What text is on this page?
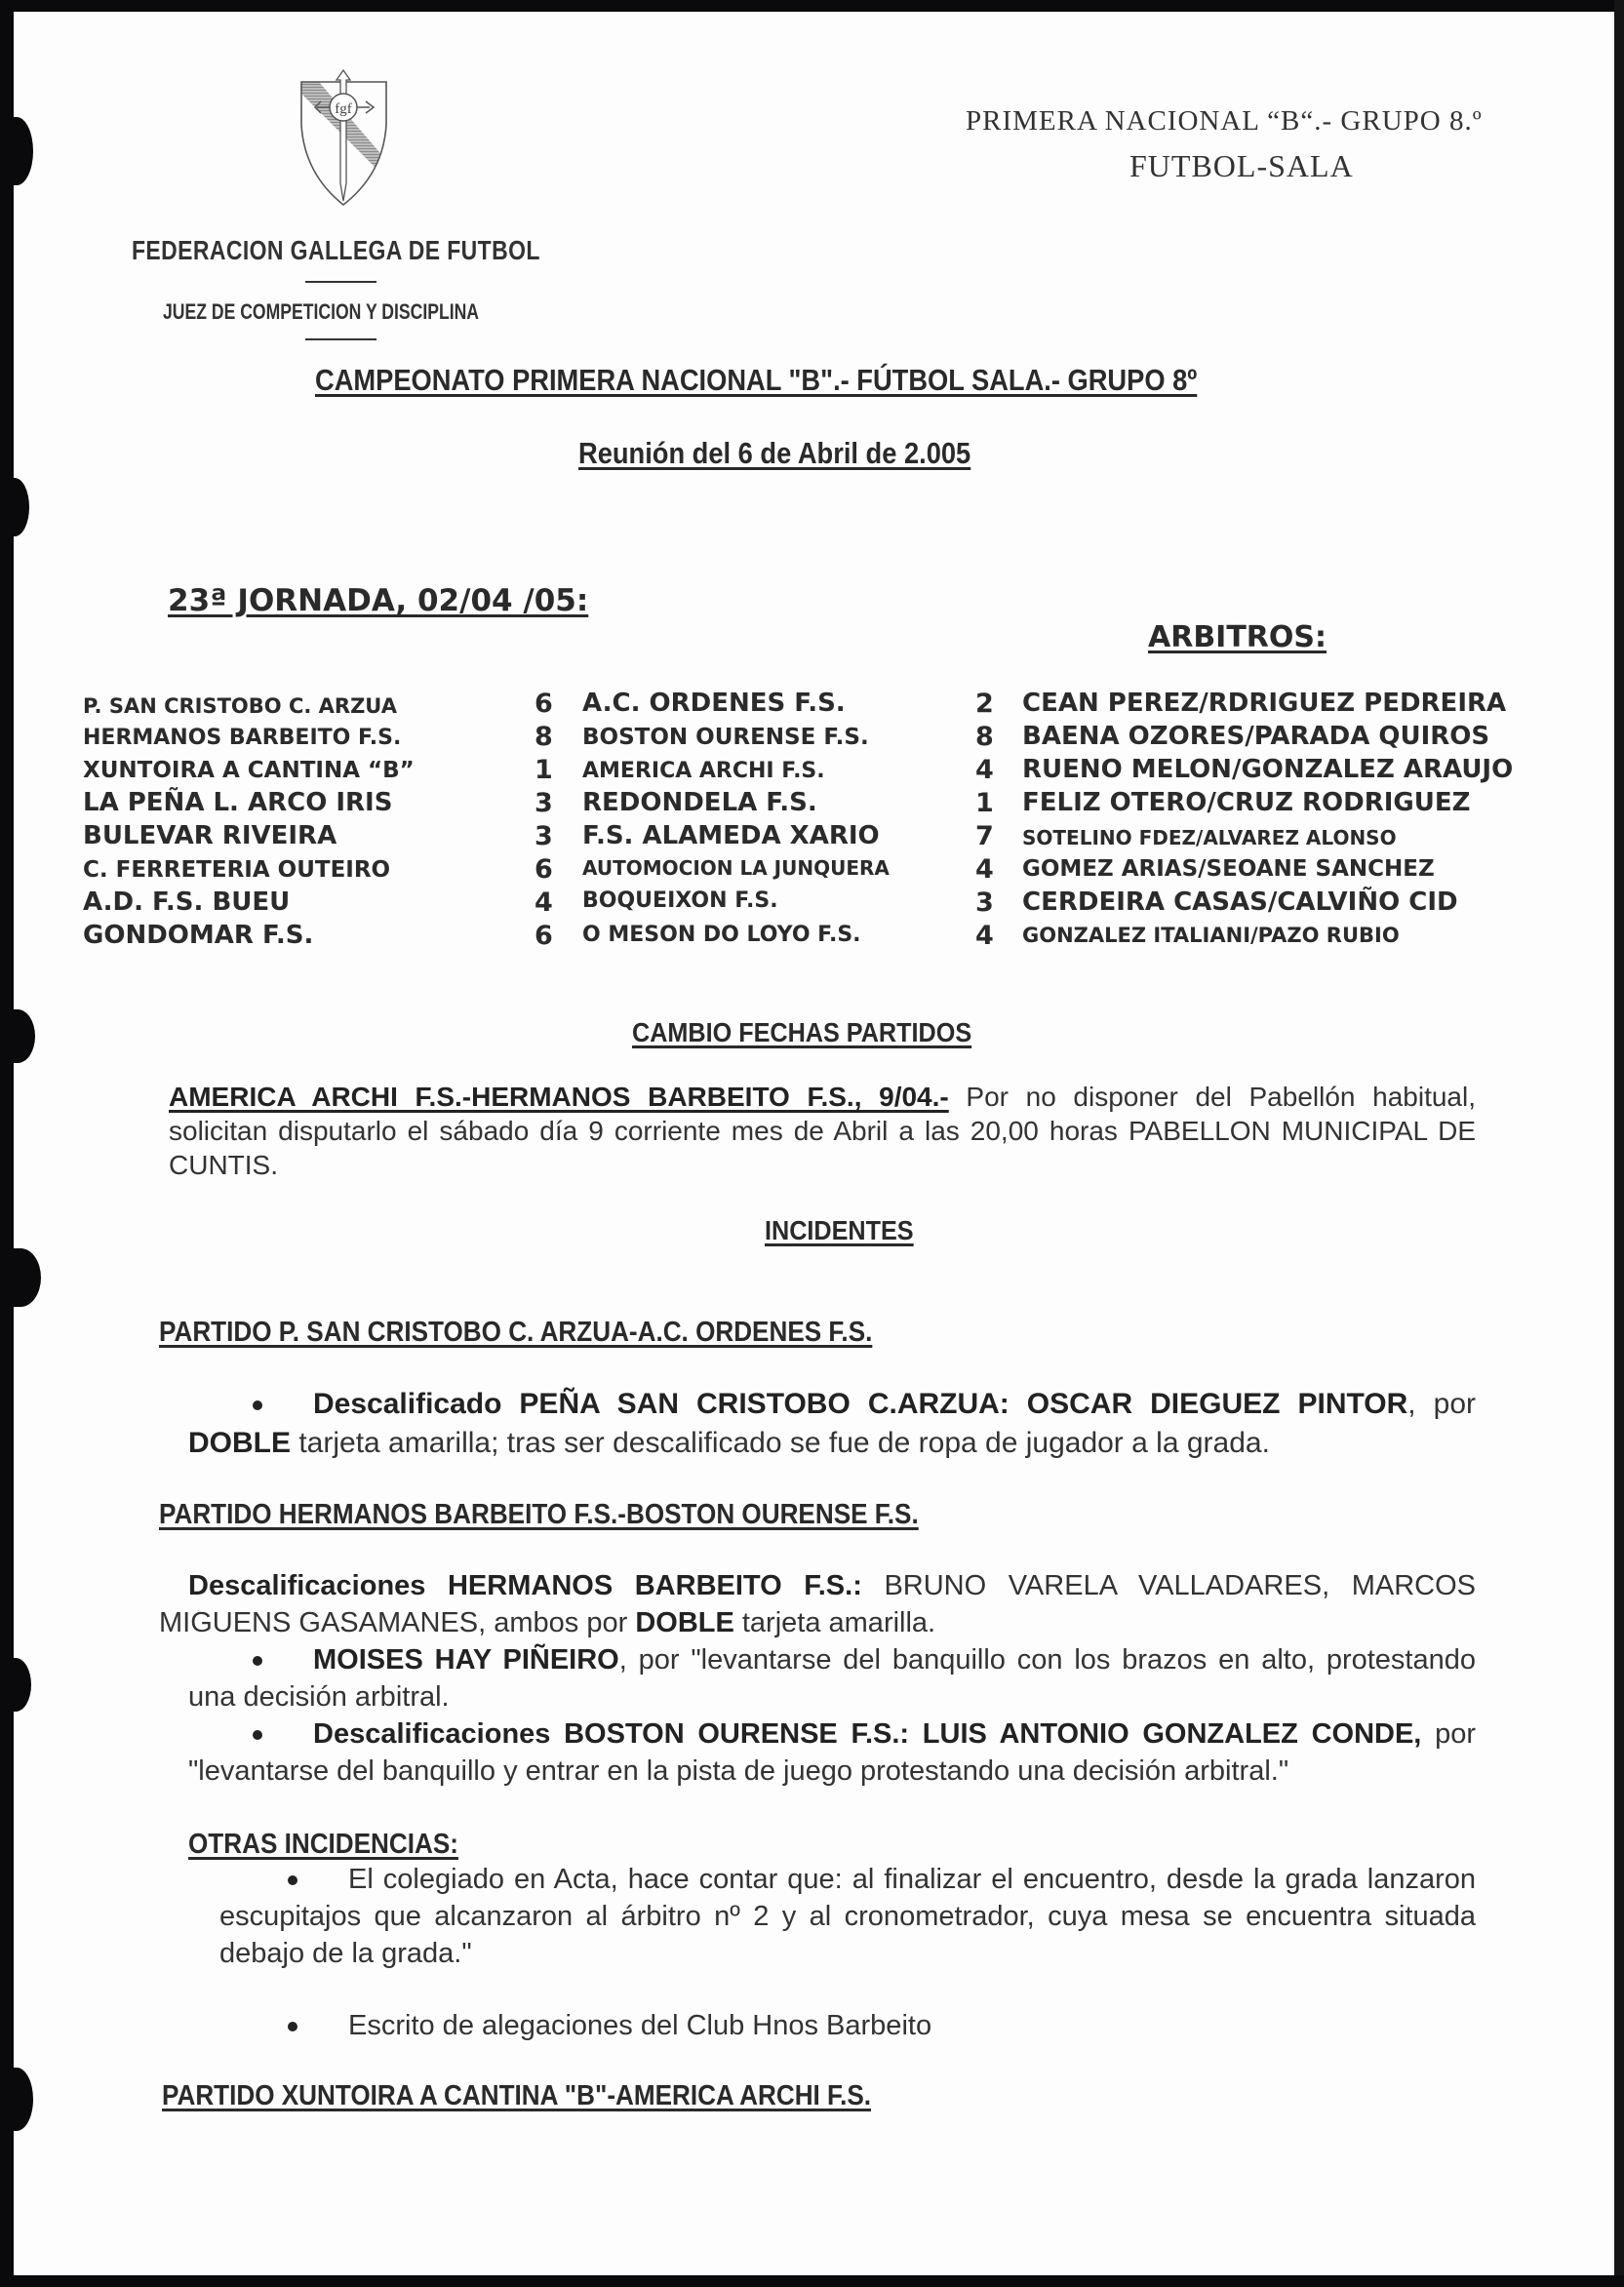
fgf
FEDERACION GALLEGA DE FUTBOL
JUEZ DE COMPETICION Y DISCIPLINA
PRIMERA NACIONAL “B“.- GRUPO 8.º
FUTBOL-SALA
CAMPEONATO PRIMERA NACIONAL "B".- FÚTBOL SALA.- GRUPO 8º
Reunión del 6 de Abril de 2.005
23ª JORNADA, 02/04 /05:
ARBITROS:
P. SAN CRISTOBO C. ARZUA	6 A.C. ORDENES F.S.	2 CEAN PEREZ/RDRIGUEZ PEDREIRA
HERMANOS BARBEITO F.S.	8 BOSTON OURENSE F.S.	8 BAENA OZORES/PARADA QUIROS
XUNTOIRA A CANTINA “B”	1 AMERICA ARCHI F.S.	4 RUENO MELON/GONZALEZ ARAUJO
LA PEÑA L. ARCO IRIS	3 REDONDELA F.S.	1 FELIZ OTERO/CRUZ RODRIGUEZ
BULEVAR RIVEIRA	3 F.S. ALAMEDA XARIO	7 SOTELINO FDEZ/ALVAREZ ALONSO
C. FERRETERIA OUTEIRO	6 AUTOMOCION LA JUNQUERA	4 GOMEZ ARIAS/SEOANE SANCHEZ
A.D. F.S. BUEU	4 BOQUEIXON F.S.	3 CERDEIRA CASAS/CALVIÑO CID
GONDOMAR F.S.	6 O MESON DO LOYO F.S.	4 GONZALEZ ITALIANI/PAZO RUBIO
CAMBIO FECHAS PARTIDOS
AMERICA ARCHI F.S.-HERMANOS BARBEITO F.S., 9/04.- Por no disponer del Pabellón habitual, solicitan disputarlo el sábado día 9 corriente mes de Abril a las 20,00 horas PABELLON MUNICIPAL DE CUNTIS.
INCIDENTES
PARTIDO P. SAN CRISTOBO C. ARZUA-A.C. ORDENES F.S.
Descalificado PEÑA SAN CRISTOBO C.ARZUA: OSCAR DIEGUEZ PINTOR, por DOBLE tarjeta amarilla; tras ser descalificado se fue de ropa de jugador a la grada.
PARTIDO HERMANOS BARBEITO F.S.-BOSTON OURENSE F.S.
Descalificaciones HERMANOS BARBEITO F.S.: BRUNO VARELA VALLADARES, MARCOS MIGUENS GASAMANES, ambos por DOBLE tarjeta amarilla.
MOISES HAY PIÑEIRO, por "levantarse del banquillo con los brazos en alto, protestando una decisión arbitral.
Descalificaciones BOSTON OURENSE F.S.: LUIS ANTONIO GONZALEZ CONDE, por "levantarse del banquillo y entrar en la pista de juego protestando una decisión arbitral."
OTRAS INCIDENCIAS:
El colegiado en Acta, hace contar que: al finalizar el encuentro, desde la grada lanzaron escupitajos que alcanzaron al árbitro nº 2 y al cronometrador, cuya mesa se encuentra situada debajo de la grada."
Escrito de alegaciones del Club Hnos Barbeito
PARTIDO XUNTOIRA A CANTINA "B"-AMERICA ARCHI F.S.
